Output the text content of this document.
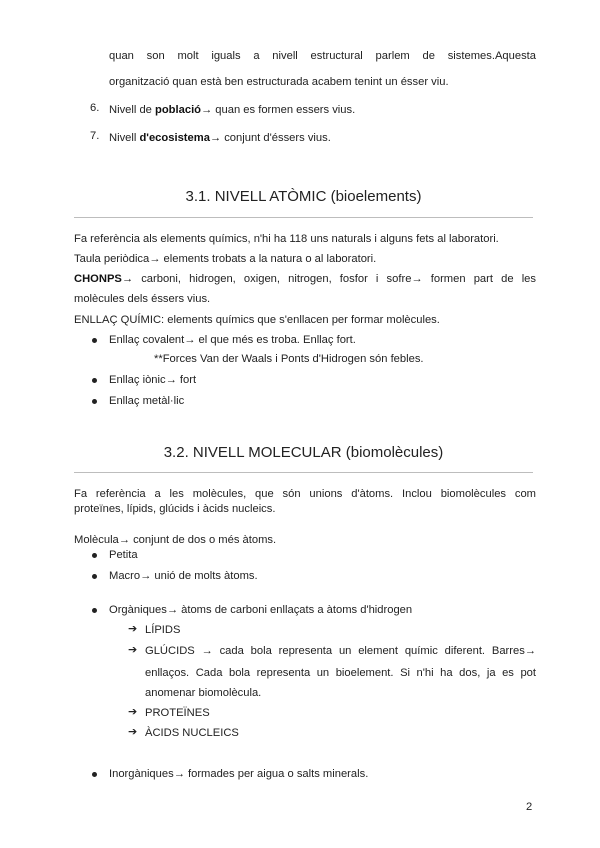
quan son molt iguals a nivell estructural parlem de sistemes.Aquesta
organització quan està ben estructurada acabem tenint un ésser viu.
6. Nivell de població→ quan es formen essers vius.
7. Nivell d'ecosistema→ conjunt d'éssers vius.
3.1. NIVELL ATÒMIC (bioelements)
Fa referència als elements químics, n'hi ha 118 uns naturals i alguns fets al laboratori.
Taula periòdica→ elements trobats a la natura o al laboratori.
CHONPS→ carboni, hidrogen, oxigen, nitrogen, fosfor i sofre→ formen part de les
molècules dels éssers vius.
ENLLAÇ QUÍMIC: elements químics que s'enllacen per formar molècules.
Enllaç covalent→ el que més es troba. Enllaç fort.
**Forces Van der Waals i Ponts d'Hidrogen són febles.
Enllaç iònic→ fort
Enllaç metàl·lic
3.2. NIVELL MOLECULAR (biomolècules)
Fa referència a les molècules, que són unions d'àtoms. Inclou biomolècules com
proteïnes, lípids, glúcids i àcids nucleics.
Molècula→ conjunt de dos o més àtoms.
Petita
Macro→ unió de molts àtoms.
Orgàniques→ àtoms de carboni enllaçats a àtoms d'hidrogen
➔ LÍPIDS
➔ GLÚCIDS → cada bola representa un element químic diferent. Barres→
enllaços. Cada bola representa un bioelement. Si n'hi ha dos, ja es pot
anomenar biomolècula.
➔ PROTEÏNES
➔ ÀCIDS NUCLEICS
Inorgàniques→ formades per aigua o salts minerals.
2
